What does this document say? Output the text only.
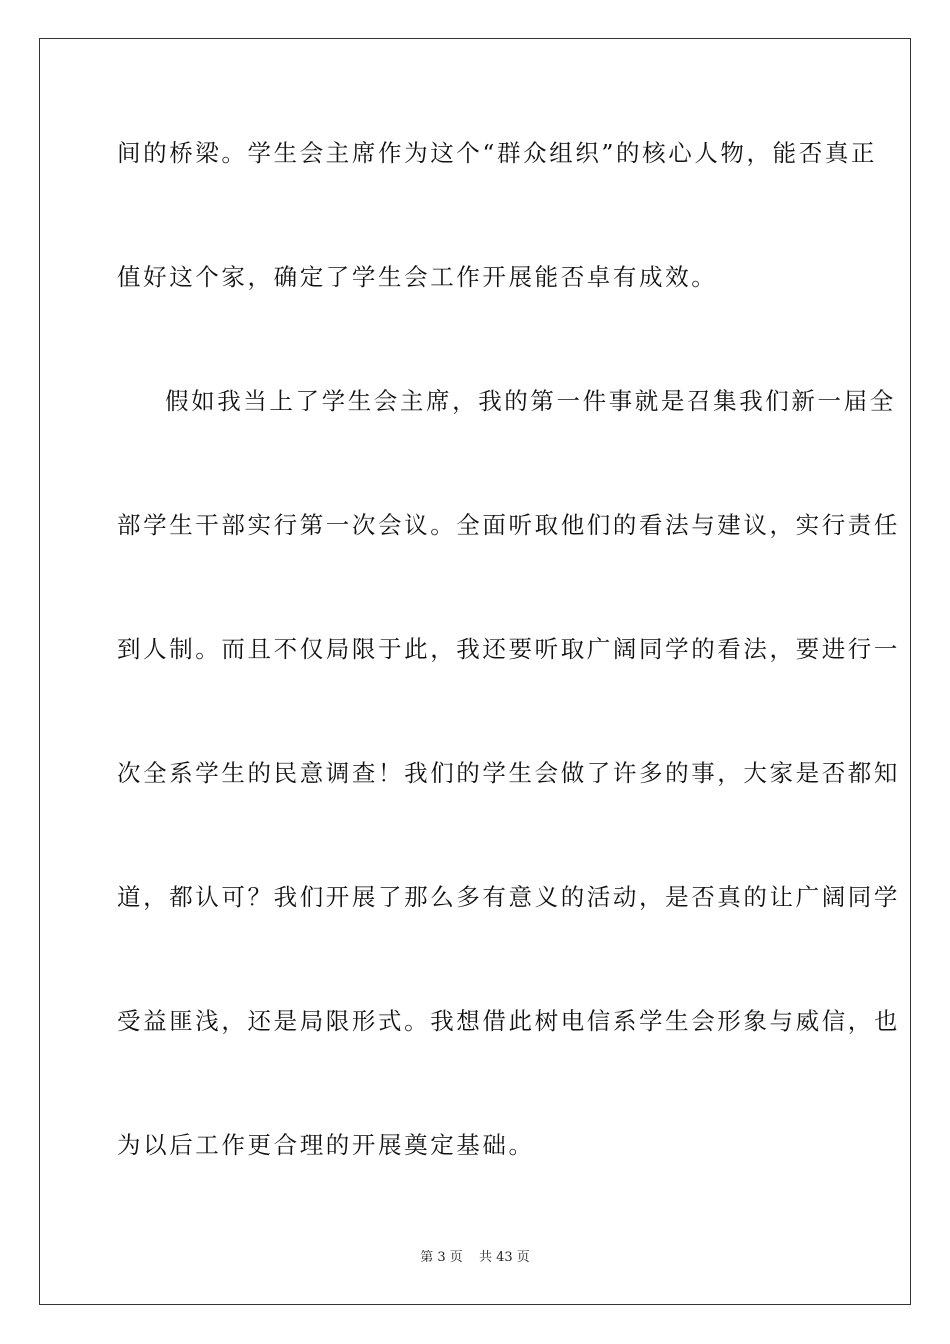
间的桥梁。学生会主席作为这个“群众组织”的核心人物，能否真正
值好这个家，确定了学生会工作开展能否卓有成效。
假如我当上了学生会主席，我的第一件事就是召集我们新一届全
部学生干部实行第一次会议。全面听取他们的看法与建议，实行责任
到人制。而且不仅局限于此，我还要听取广阔同学的看法，要进行一
次全系学生的民意调查！我们的学生会做了许多的事，大家是否都知
道，都认可？我们开展了那么多有意义的活动，是否真的让广阔同学
受益匪浅，还是局限形式。我想借此树电信系学生会形象与威信，也
为以后工作更合理的开展奠定基础。
第 3 页 共 43 页
